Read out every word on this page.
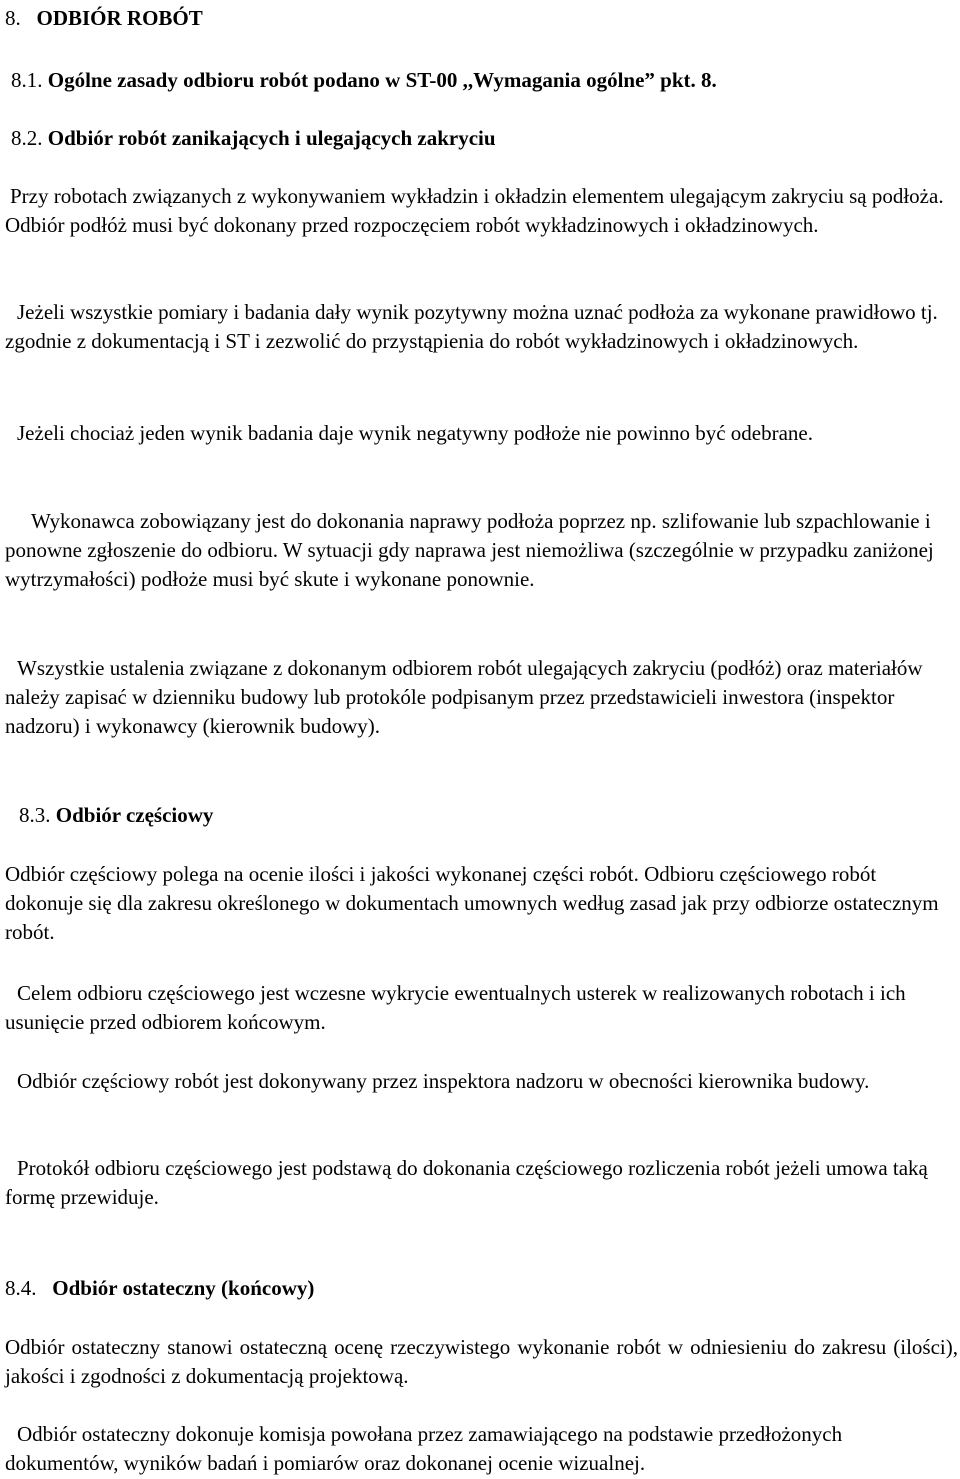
8. ODBIÓR ROBÓT
8.1. Ogólne zasady odbioru robót podano w ST-00 ,,Wymagania ogólne” pkt. 8.
8.2. Odbiór robót zanikających i ulegających zakryciu

Przy robotach związanych z wykonywaniem wykładzin i okładzin elementem ulegającym zakryciu są podłoża. Odbiór podłóż musi być dokonany przed rozpoczęciem robót wykładzinowych i okładzinowych.

Jeżeli wszystkie pomiary i badania dały wynik pozytywny można uznać podłoża za wykonane prawidłowo tj. zgodnie z dokumentacją i ST i zezwolić do przystąpienia do robót wykładzinowych i okładzinowych.

Jeżeli chociaż jeden wynik badania daje wynik negatywny podłoże nie powinno być odebrane.

Wykonawca zobowiązany jest do dokonania naprawy podłoża poprzez np. szlifowanie lub szpachlowanie i ponowne zgłoszenie do odbioru. W sytuacji gdy naprawa jest niemożliwa (szczególnie w przypadku zaniżonej wytrzymałości) podłoże musi być skute i wykonane ponownie.

Wszystkie ustalenia związane z dokonanym odbiorem robót ulegających zakryciu (podłóż) oraz materiałów należy zapisać w dzienniku budowy lub protokóle podpisanym przez przedstawicieli inwestora (inspektor nadzoru) i wykonawcy (kierownik budowy).

8.3. Odbiór częściowy

Odbiór częściowy polega na ocenie ilości i jakości wykonanej części robót. Odbioru częściowego robót dokonuje się dla zakresu określonego w dokumentach umownych według zasad jak przy odbiorze ostatecznym robót.

Celem odbioru częściowego jest wczesne wykrycie ewentualnych usterek w realizowanych robotach i ich usunięcie przed odbiorem końcowym.

Odbiór częściowy robót jest dokonywany przez inspektora nadzoru w obecności kierownika budowy.

Protokół odbioru częściowego jest podstawą do dokonania częściowego rozliczenia robót jeżeli umowa taką formę przewiduje.

8.4. Odbiór ostateczny (końcowy)

Odbiór ostateczny stanowi ostateczną ocenę rzeczywistego wykonanie robót w odniesieniu do zakresu (ilości), jakości i zgodności z dokumentacją projektową.

Odbiór ostateczny dokonuje komisja powołana przez zamawiającego na podstawie przedłożonych dokumentów, wyników badań i pomiarów oraz dokonanej ocenie wizualnej.
